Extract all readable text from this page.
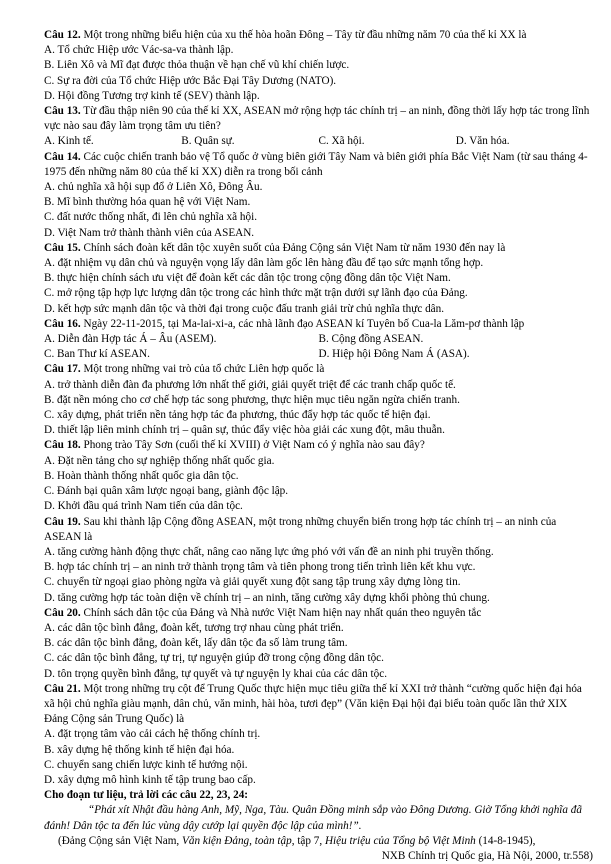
Câu 12. Một trong những biểu hiện của xu thế hòa hoãn Đông – Tây từ đầu những năm 70 của thế kỉ XX là

A. Tổ chức Hiệp ước Vác-sa-va thành lập.

B. Liên Xô và Mĩ đạt được thỏa thuận về hạn chế vũ khí chiến lược.

C. Sự ra đời của Tổ chức Hiệp ước Bắc Đại Tây Dương (NATO).

D. Hội đồng Tương trợ kinh tế (SEV) thành lập.

Câu 13. Từ đầu thập niên 90 của thế kỉ XX, ASEAN mở rộng hợp tác chính trị – an ninh, đồng thời lấy hợp tác trong lĩnh vực nào sau đây làm trọng tâm ưu tiên?

A. Kinh tế.	B. Quân sự.	C. Xã hội.	D. Văn hóa.

Câu 14. Các cuộc chiến tranh bảo vệ Tổ quốc ở vùng biên giới Tây Nam và biên giới phía Bắc Việt Nam (từ sau tháng 4-1975 đến những năm 80 của thế kỉ XX) diễn ra trong bối cảnh

A. chủ nghĩa xã hội sụp đổ ở Liên Xô, Đông Âu.

B. Mĩ bình thường hóa quan hệ với Việt Nam.

C. đất nước thống nhất, đi lên chủ nghĩa xã hội.

D. Việt Nam trở thành thành viên của ASEAN.

Câu 15. Chính sách đoàn kết dân tộc xuyên suốt của Đảng Cộng sản Việt Nam từ năm 1930 đến nay là

A. đặt nhiệm vụ dân chủ và nguyện vọng lấy dân làm gốc lên hàng đầu để tạo sức mạnh tổng hợp.

B. thực hiện chính sách ưu việt để đoàn kết các dân tộc trong cộng đồng dân tộc Việt Nam.

C. mở rộng tập hợp lực lượng dân tộc trong các hình thức mặt trận dưới sự lãnh đạo của Đảng.

D. kết hợp sức mạnh dân tộc và thời đại trong cuộc đấu tranh giải trừ chủ nghĩa thực dân.

Câu 16. Ngày 22-11-2015, tại Ma-lai-xi-a, các nhà lãnh đạo ASEAN kí Tuyên bố Cua-la Lăm-pơ thành lập

A. Diễn đàn Hợp tác Á – Âu (ASEM).	B. Cộng đồng ASEAN.
C. Ban Thư kí ASEAN.	D. Hiệp hội Đông Nam Á (ASA).

Câu 17. Một trong những vai trò của tổ chức Liên hợp quốc là

A. trở thành diễn đàn đa phương lớn nhất thế giới, giải quyết triệt để các tranh chấp quốc tế.

B. đặt nền móng cho cơ chế hợp tác song phương, thực hiện mục tiêu ngăn ngừa chiến tranh.

C. xây dựng, phát triển nền tảng hợp tác đa phương, thúc đẩy hợp tác quốc tế hiện đại.

D. thiết lập liên minh chính trị – quân sự, thúc đẩy việc hòa giải các xung đột, mâu thuẫn.

Câu 18. Phong trào Tây Sơn (cuối thế kỉ XVIII) ở Việt Nam có ý nghĩa nào sau đây?

A. Đặt nền tảng cho sự nghiệp thống nhất quốc gia.

B. Hoàn thành thống nhất quốc gia dân tộc.

C. Đánh bại quân xâm lược ngoại bang, giành độc lập.

D. Khởi đầu quá trình Nam tiến của dân tộc.

Câu 19. Sau khi thành lập Cộng đồng ASEAN, một trong những chuyển biến trong hợp tác chính trị – an ninh của ASEAN là

A. tăng cường hành động thực chất, nâng cao năng lực ứng phó với vấn đề an ninh phi truyền thống.

B. hợp tác chính trị – an ninh trở thành trọng tâm và tiên phong trong tiến trình liên kết khu vực.

C. chuyển từ ngoại giao phòng ngừa và giải quyết xung đột sang tập trung xây dựng lòng tin.

D. tăng cường hợp tác toàn diện về chính trị – an ninh, tăng cường xây dựng khối phòng thủ chung.

Câu 20. Chính sách dân tộc của Đảng và Nhà nước Việt Nam hiện nay nhất quán theo nguyên tắc

A. các dân tộc bình đẳng, đoàn kết, tương trợ nhau cùng phát triển.

B. các dân tộc bình đẳng, đoàn kết, lấy dân tộc đa số làm trung tâm.

C. các dân tộc bình đẳng, tự trị, tự nguyện giúp đỡ trong cộng đồng dân tộc.

D. tôn trọng quyền bình đẳng, tự quyết và tự nguyện ly khai của các dân tộc.

Câu 21. Một trong những trụ cột để Trung Quốc thực hiện mục tiêu giữa thế kỉ XXI trở thành “cường quốc hiện đại hóa xã hội chủ nghĩa giàu mạnh, dân chủ, văn minh, hài hòa, tươi đẹp” (Văn kiện Đại hội đại biểu toàn quốc lần thứ XIX Đảng Cộng sản Trung Quốc) là

A. đặt trọng tâm vào cải cách hệ thống chính trị.

B. xây dựng hệ thống kinh tế hiện đại hóa.

C. chuyển sang chiến lược kinh tế hướng nội.

D. xây dựng mô hình kinh tế tập trung bao cấp.

Cho đoạn tư liệu, trả lời các câu 22, 23, 24:

“Phát xít Nhật đầu hàng Anh, Mỹ, Nga, Tàu. Quân Đồng minh sắp vào Đông Dương. Giờ Tổng khởi nghĩa đã đánh! Dân tộc ta đến lúc vùng dậy cướp lại quyền độc lập của mình!”.

(Đảng Cộng sản Việt Nam, Văn kiện Đảng, toàn tập, tập 7, Hiệu triệu của Tổng bộ Việt Minh (14-8-1945),

NXB Chính trị Quốc gia, Hà Nội, 2000, tr.558)
